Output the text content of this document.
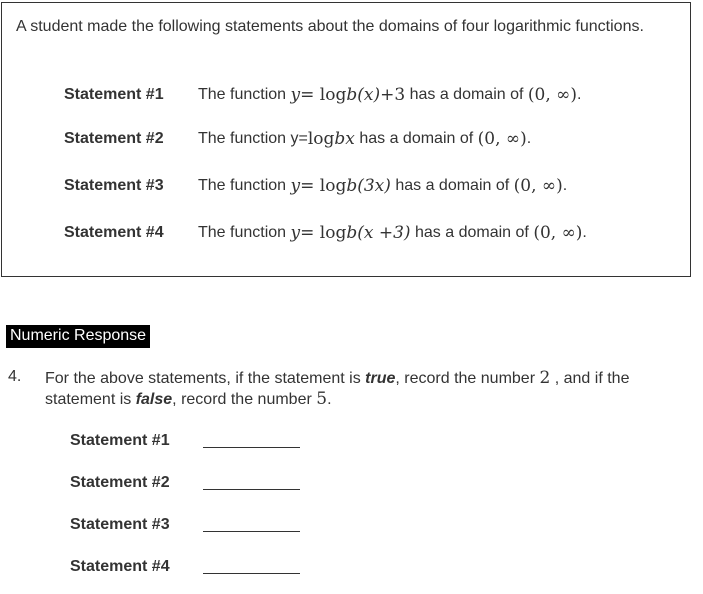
A student made the following statements about the domains of four logarithmic functions.
Statement #1	The function
y = log b (x) +3
has a domain of
(0, ∞) .
Statement #2	The function y= log b x
has a domain of
(0, ∞) .
Statement #3	The function
y = log b (3x)
has a domain of
(0, ∞) .
Statement #4	The function
y = log b (x +3)
has a domain of
(0, ∞) .
Numeric Response
4. For the above statements, if the statement is true, record the number 2 , and if the statement is false, record the number 5.
Statement #1
Statement #2
Statement #3
Statement #4
